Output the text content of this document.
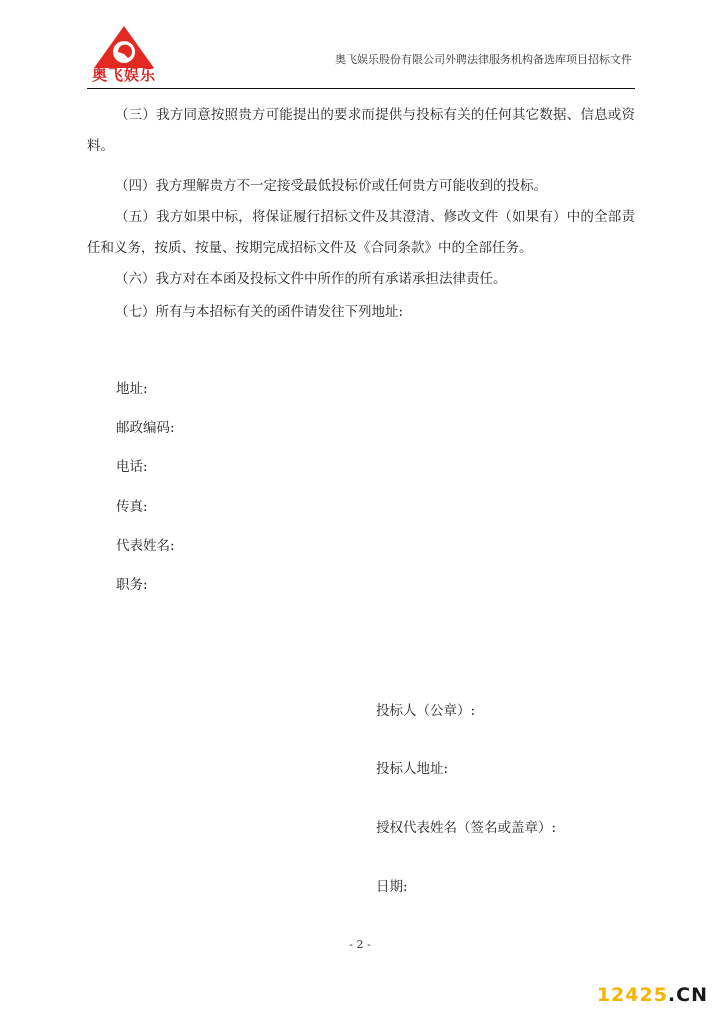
奥飞娱乐
奥飞娱乐股份有限公司外聘法律服务机构备选库项目招标文件

（三）我方同意按照贵方可能提出的要求而提供与投标有关的任何其它数据、信息或资料。

（四）我方理解贵方不一定接受最低投标价或任何贵方可能收到的投标。

（五）我方如果中标，将保证履行招标文件及其澄清、修改文件（如果有）中的全部责任和义务，按质、按量、按期完成招标文件及《合同条款》中的全部任务。

（六）我方对在本函及投标文件中所作的所有承诺承担法律责任。

（七）所有与本招标有关的函件请发往下列地址:

地址:
邮政编码:
电话:
传真:
代表姓名:
职务:
投标人（公章）:
投标人地址:
授权代表姓名（签名或盖章）:
日期:
- 2 -
12425.CN
